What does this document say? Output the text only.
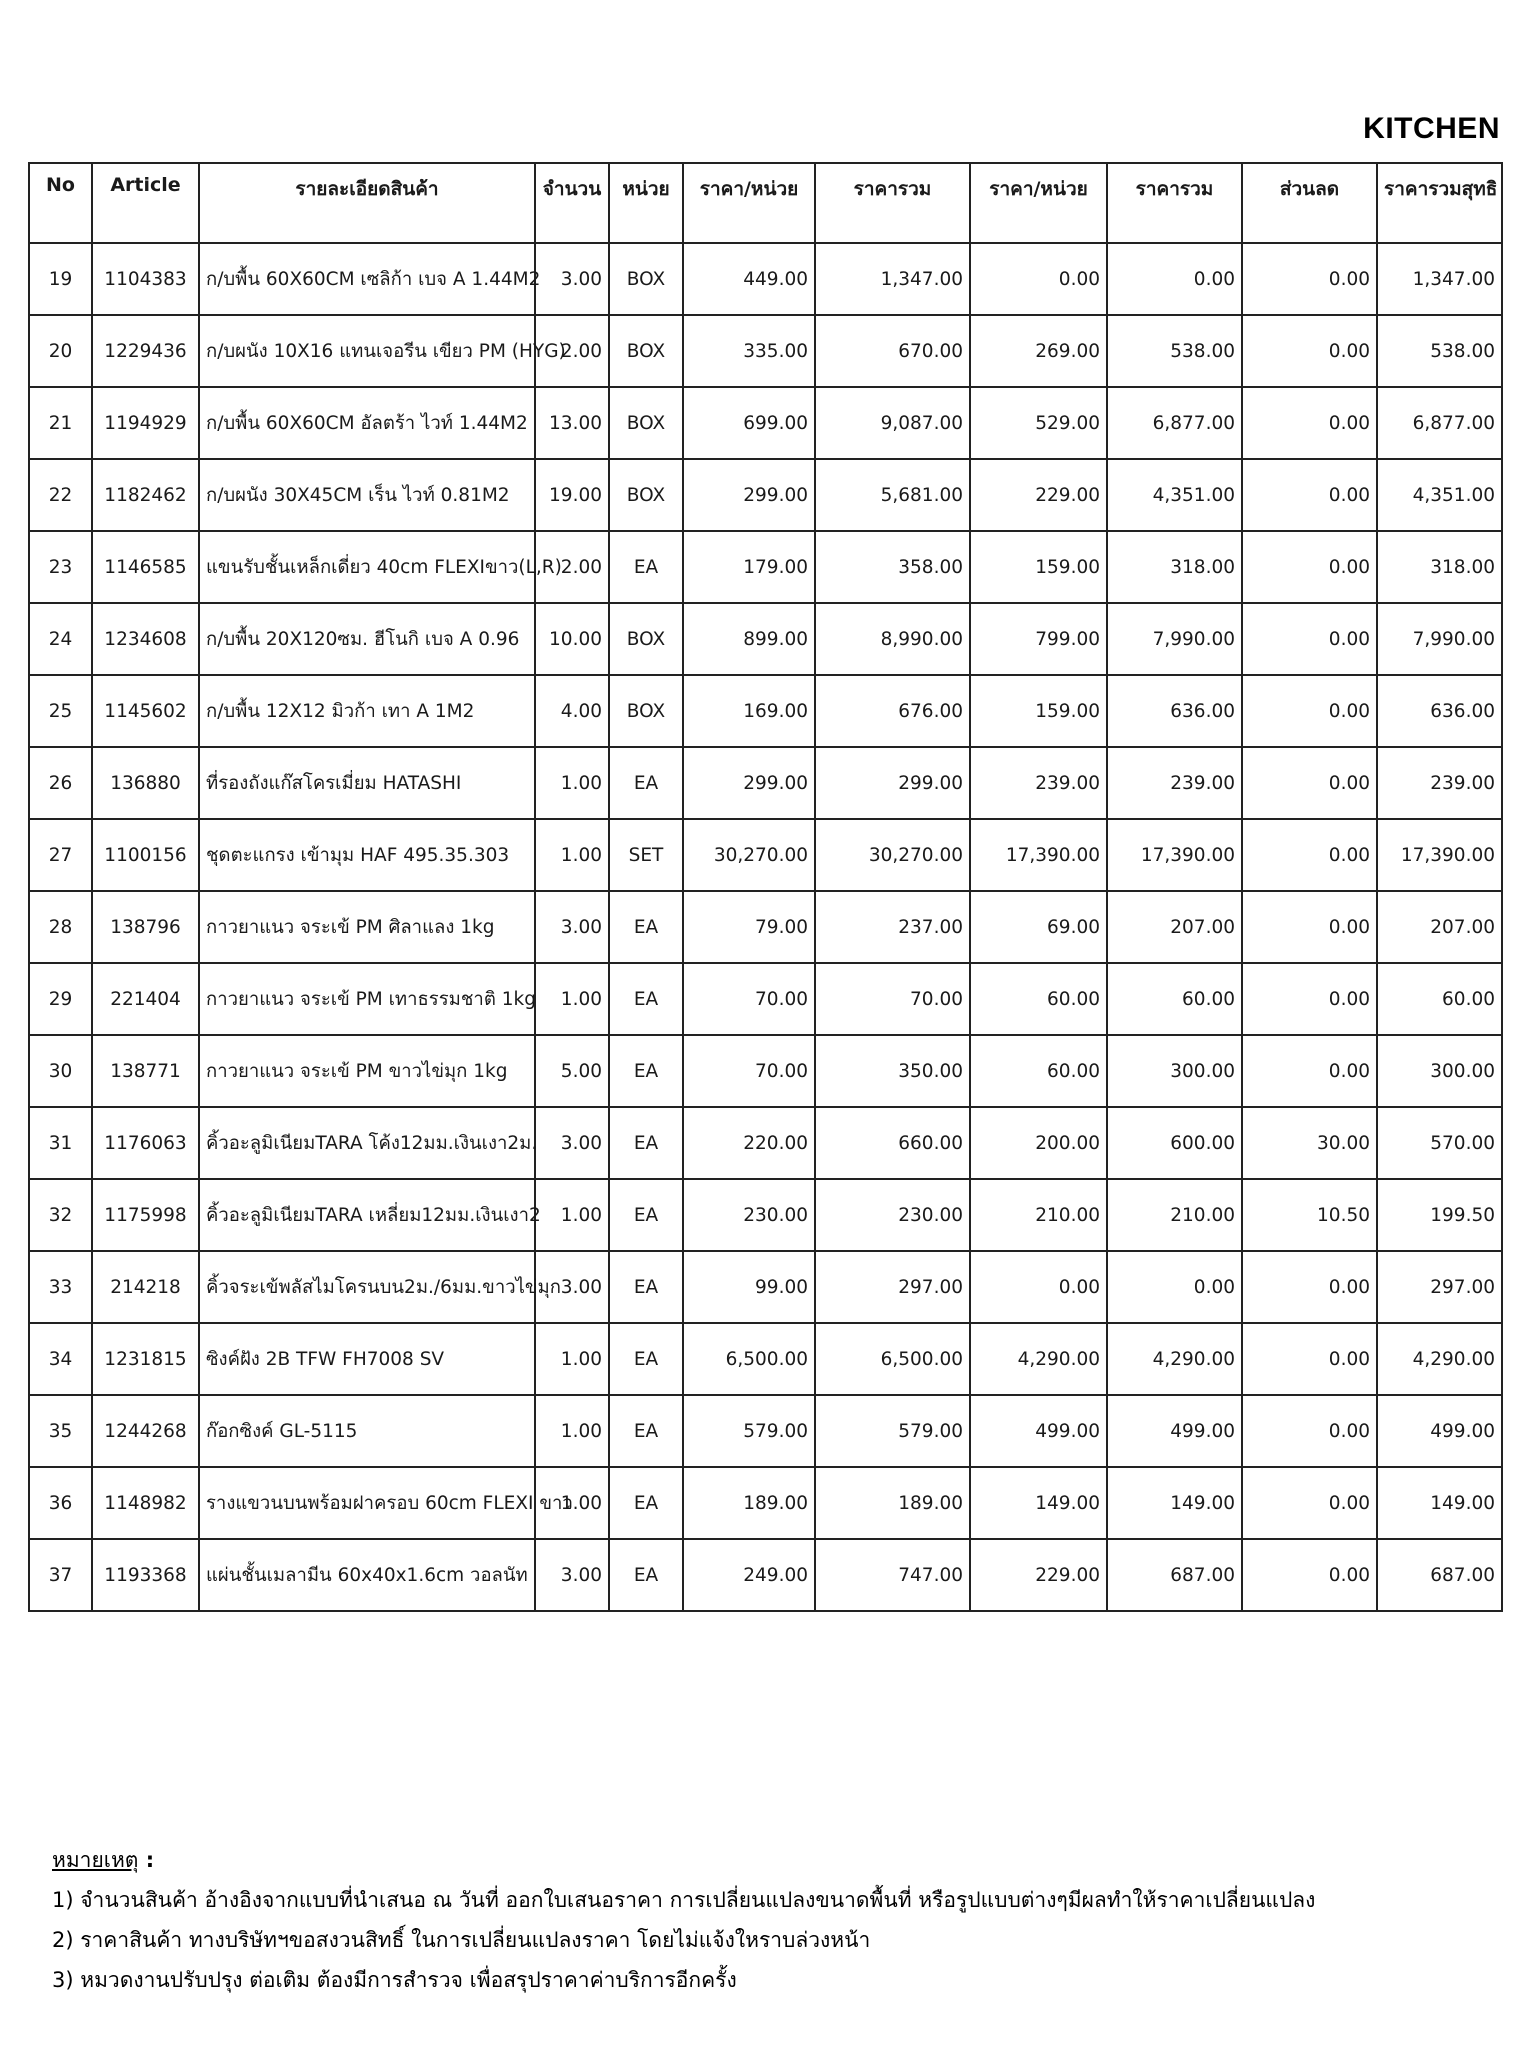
KITCHEN
No	Article	รายละเอียดสินค้า	จำนวน	หน่วย	ราคา/หน่วย	ราคารวม	ราคา/หน่วย	ราคารวม	ส่วนลด	ราคารวมสุทธิ
19	1104383	ก/บพื้น 60X60CM เซลิก้า เบจ A 1.44M2	3.00	BOX	449.00	1,347.00	0.00	0.00	0.00	1,347.00
20	1229436	ก/บผนัง 10X16 แทนเจอรีน เขียว PM (HYG)	2.00	BOX	335.00	670.00	269.00	538.00	0.00	538.00
21	1194929	ก/บพื้น 60X60CM อัลตร้า ไวท์ 1.44M2	13.00	BOX	699.00	9,087.00	529.00	6,877.00	0.00	6,877.00
22	1182462	ก/บผนัง 30X45CM เร็น ไวท์ 0.81M2	19.00	BOX	299.00	5,681.00	229.00	4,351.00	0.00	4,351.00
23	1146585	แขนรับชั้นเหล็กเดี่ยว 40cm FLEXIขาว(L,R)	2.00	EA	179.00	358.00	159.00	318.00	0.00	318.00
24	1234608	ก/บพื้น 20X120ซม. ฮีโนกิ เบจ A 0.96	10.00	BOX	899.00	8,990.00	799.00	7,990.00	0.00	7,990.00
25	1145602	ก/บพื้น 12X12 มิวก้า เทา A 1M2	4.00	BOX	169.00	676.00	159.00	636.00	0.00	636.00
26	136880	ที่รองถังแก๊สโครเมี่ยม HATASHI	1.00	EA	299.00	299.00	239.00	239.00	0.00	239.00
27	1100156	ชุดตะแกรง เข้ามุม HAF 495.35.303	1.00	SET	30,270.00	30,270.00	17,390.00	17,390.00	0.00	17,390.00
28	138796	กาวยาแนว จระเข้ PM ศิลาแลง 1kg	3.00	EA	79.00	237.00	69.00	207.00	0.00	207.00
29	221404	กาวยาแนว จระเข้ PM เทาธรรมชาติ 1kg	1.00	EA	70.00	70.00	60.00	60.00	0.00	60.00
30	138771	กาวยาแนว จระเข้ PM ขาวไข่มุก 1kg	5.00	EA	70.00	350.00	60.00	300.00	0.00	300.00
31	1176063	คิ้วอะลูมิเนียมTARA โค้ง12มม.เงินเงา2ม.	3.00	EA	220.00	660.00	200.00	600.00	30.00	570.00
32	1175998	คิ้วอะลูมิเนียมTARA เหลี่ยม12มม.เงินเงา2	1.00	EA	230.00	230.00	210.00	210.00	10.50	199.50
33	214218	คิ้วจระเข้พลัสไมโครนบน2ม./6มม.ขาวไข่มุก	3.00	EA	99.00	297.00	0.00	0.00	0.00	297.00
34	1231815	ซิงค์ฝัง 2B TFW FH7008 SV	1.00	EA	6,500.00	6,500.00	4,290.00	4,290.00	0.00	4,290.00
35	1244268	ก๊อกซิงค์ GL-5115	1.00	EA	579.00	579.00	499.00	499.00	0.00	499.00
36	1148982	รางแขวนบนพร้อมฝาครอบ 60cm FLEXI ขาว	1.00	EA	189.00	189.00	149.00	149.00	0.00	149.00
37	1193368	แผ่นชั้นเมลามีน 60x40x1.6cm วอลนัท	3.00	EA	249.00	747.00	229.00	687.00	0.00	687.00
หมายเหตุ :
1) จำนวนสินค้า อ้างอิงจากแบบที่นำเสนอ ณ วันที่ ออกใบเสนอราคา การเปลี่ยนแปลงขนาดพื้นที่ หรือรูปแบบต่างๆมีผลทำให้ราคาเปลี่ยนแปลง
2) ราคาสินค้า ทางบริษัทฯขอสงวนสิทธิ์ ในการเปลี่ยนแปลงราคา โดยไม่แจ้งใหราบล่วงหน้า
3) หมวดงานปรับปรุง ต่อเติม ต้องมีการสำรวจ เพื่อสรุปราคาค่าบริการอีกครั้ง
